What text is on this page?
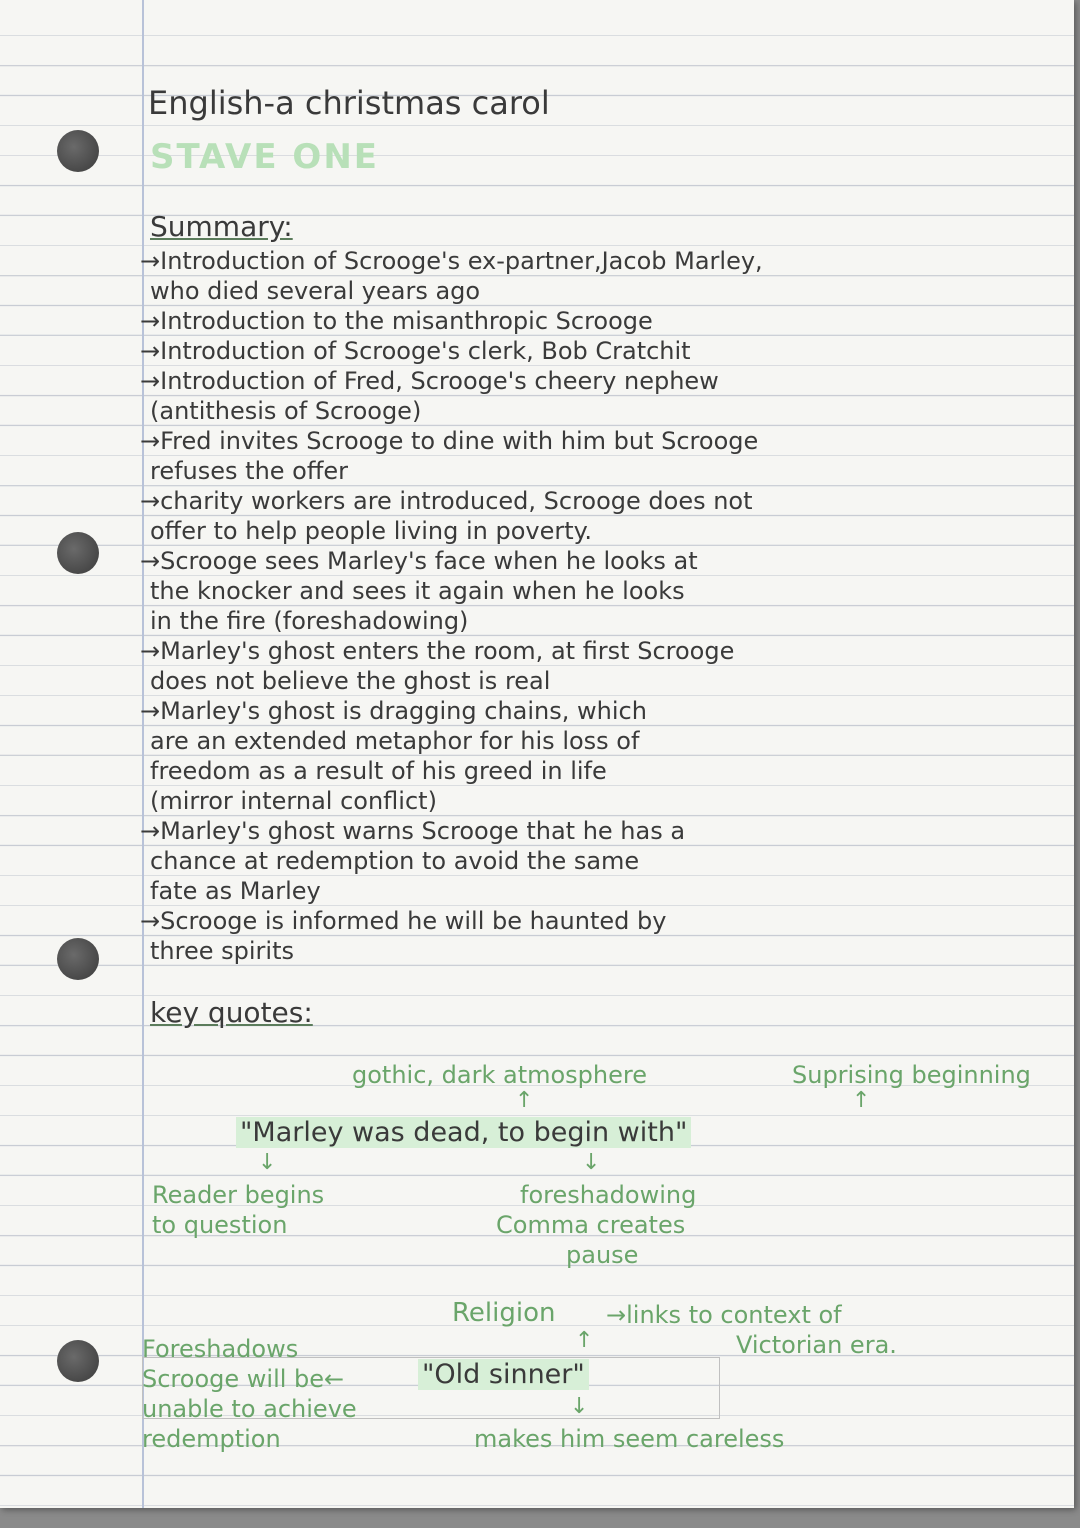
English-a christmas carol

STAVE ONE

Summary:

→Introduction of Scrooge's ex-partner,Jacob Marley,

who died several years ago

→Introduction to the misanthropic Scrooge

→Introduction of Scrooge's clerk, Bob Cratchit

→Introduction of Fred, Scrooge's cheery nephew

(antithesis of Scrooge)

→Fred invites Scrooge to dine with him but Scrooge

refuses the offer

→charity workers are introduced, Scrooge does not

offer to help people living in poverty.

→Scrooge sees Marley's face when he looks at

the knocker and sees it again when he looks

in the fire (foreshadowing)

→Marley's ghost enters the room, at first Scrooge

does not believe the ghost is real

→Marley's ghost is dragging chains, which

are an extended metaphor for his loss of

freedom as a result of his greed in life

(mirror internal conflict)

→Marley's ghost warns Scrooge that he has a

chance at redemption to avoid the same

fate as Marley

→Scrooge is informed he will be haunted by

three spirits

key quotes:

gothic, dark atmosphere	Suprising beginning

↑	↑

"Marley was dead, to begin with"

↓	↓

Reader begins

to question

foreshadowing

Comma creates

pause

Religion →links to context of

Victorian era.

↑

Foreshadows

Scrooge will be←

unable to achieve

redemption

"Old sinner"

↓

makes him seem careless
